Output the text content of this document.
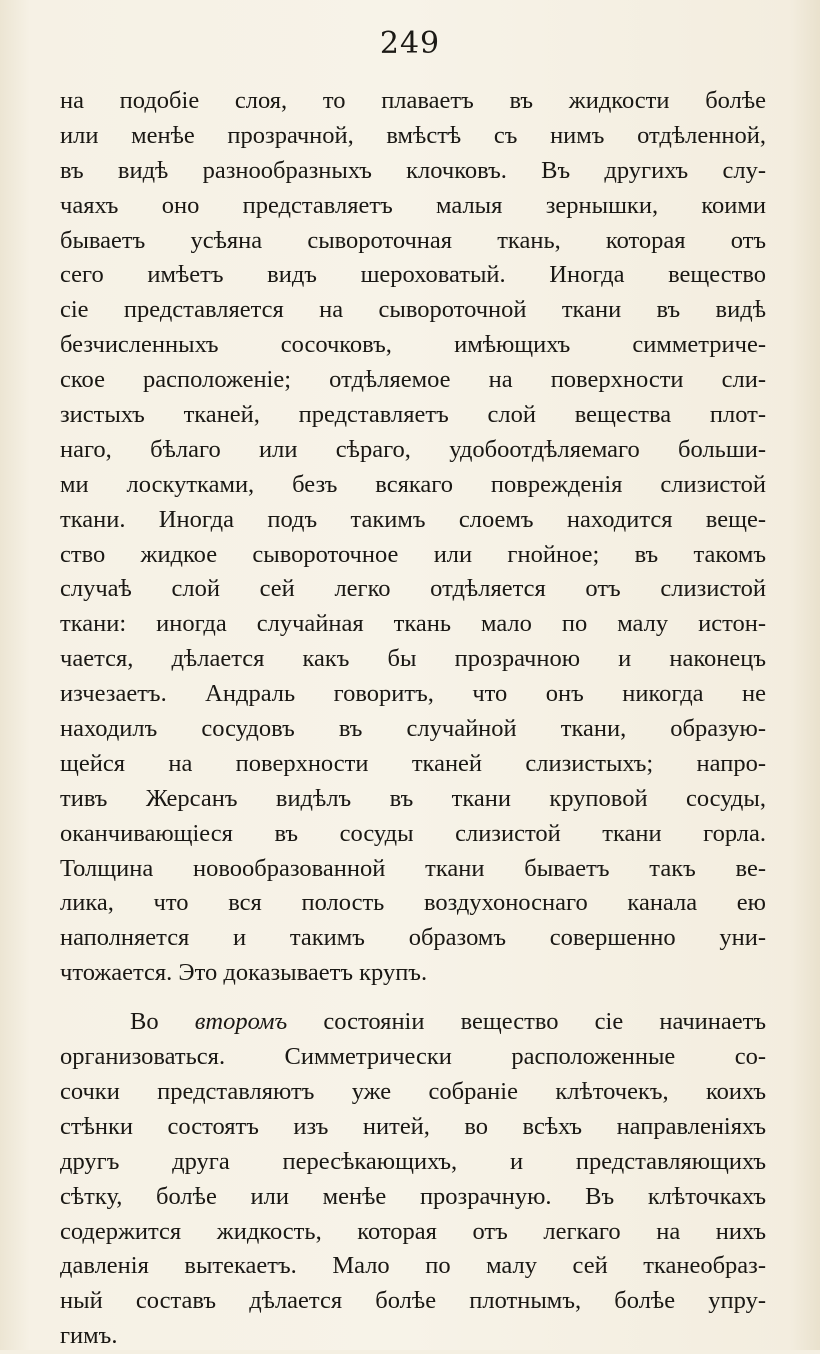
249
на подобіе слоя, то плаваетъ въ жидкости болѣе
или менѣе прозрачной, вмѣстѣ съ нимъ отдѣленной,
въ видѣ разнообразныхъ клочковъ. Въ другихъ слу-
чаяхъ оно представляетъ малыя зернышки, коими
бываетъ усѣяна сывороточная ткань, которая отъ
сего имѣетъ видъ шероховатый. Иногда вещество
сіе представляется на сывороточной ткани въ видѣ
безчисленныхъ сосочковъ, имѣющихъ симметриче-
ское расположеніе; отдѣляемое на поверхности сли-
зистыхъ тканей, представляетъ слой вещества плот-
наго, бѣлаго или сѣраго, удобоотдѣляемаго больши-
ми лоскутками, безъ всякаго поврежденія слизистой
ткани. Иногда подъ такимъ слоемъ находится веще-
ство жидкое сывороточное или гнойное; въ такомъ
случаѣ слой сей легко отдѣляется отъ слизистой
ткани: иногда случайная ткань мало по малу истон-
чается, дѣлается какъ бы прозрачною и наконецъ
изчезаетъ. Андраль говоритъ, что онъ никогда не
находилъ сосудовъ въ случайной ткани, образую-
щейся на поверхности тканей слизистыхъ; напро-
тивъ Жерсанъ видѣлъ въ ткани круповой сосуды,
оканчивающіеся въ сосуды слизистой ткани горла.
Толщина новообразованной ткани бываетъ такъ ве-
лика, что вся полость воздухоноснаго канала ею
наполняется и такимъ образомъ совершенно уни-
чтожается. Это доказываетъ крупъ.
Во второмъ состояніи вещество сіе начинаетъ
организоваться. Симметрически расположенные со-
сочки представляютъ уже собраніе клѣточекъ, коихъ
стѣнки состоятъ изъ нитей, во всѣхъ направленіяхъ
другъ друга пересѣкающихъ, и представляющихъ
сѣтку, болѣе или менѣе прозрачную. Въ клѣточкахъ
содержится жидкость, которая отъ легкаго на нихъ
давленія вытекаетъ. Мало по малу сей тканеобраз-
ный составъ дѣлается болѣе плотнымъ, болѣе упру-
гимъ.
